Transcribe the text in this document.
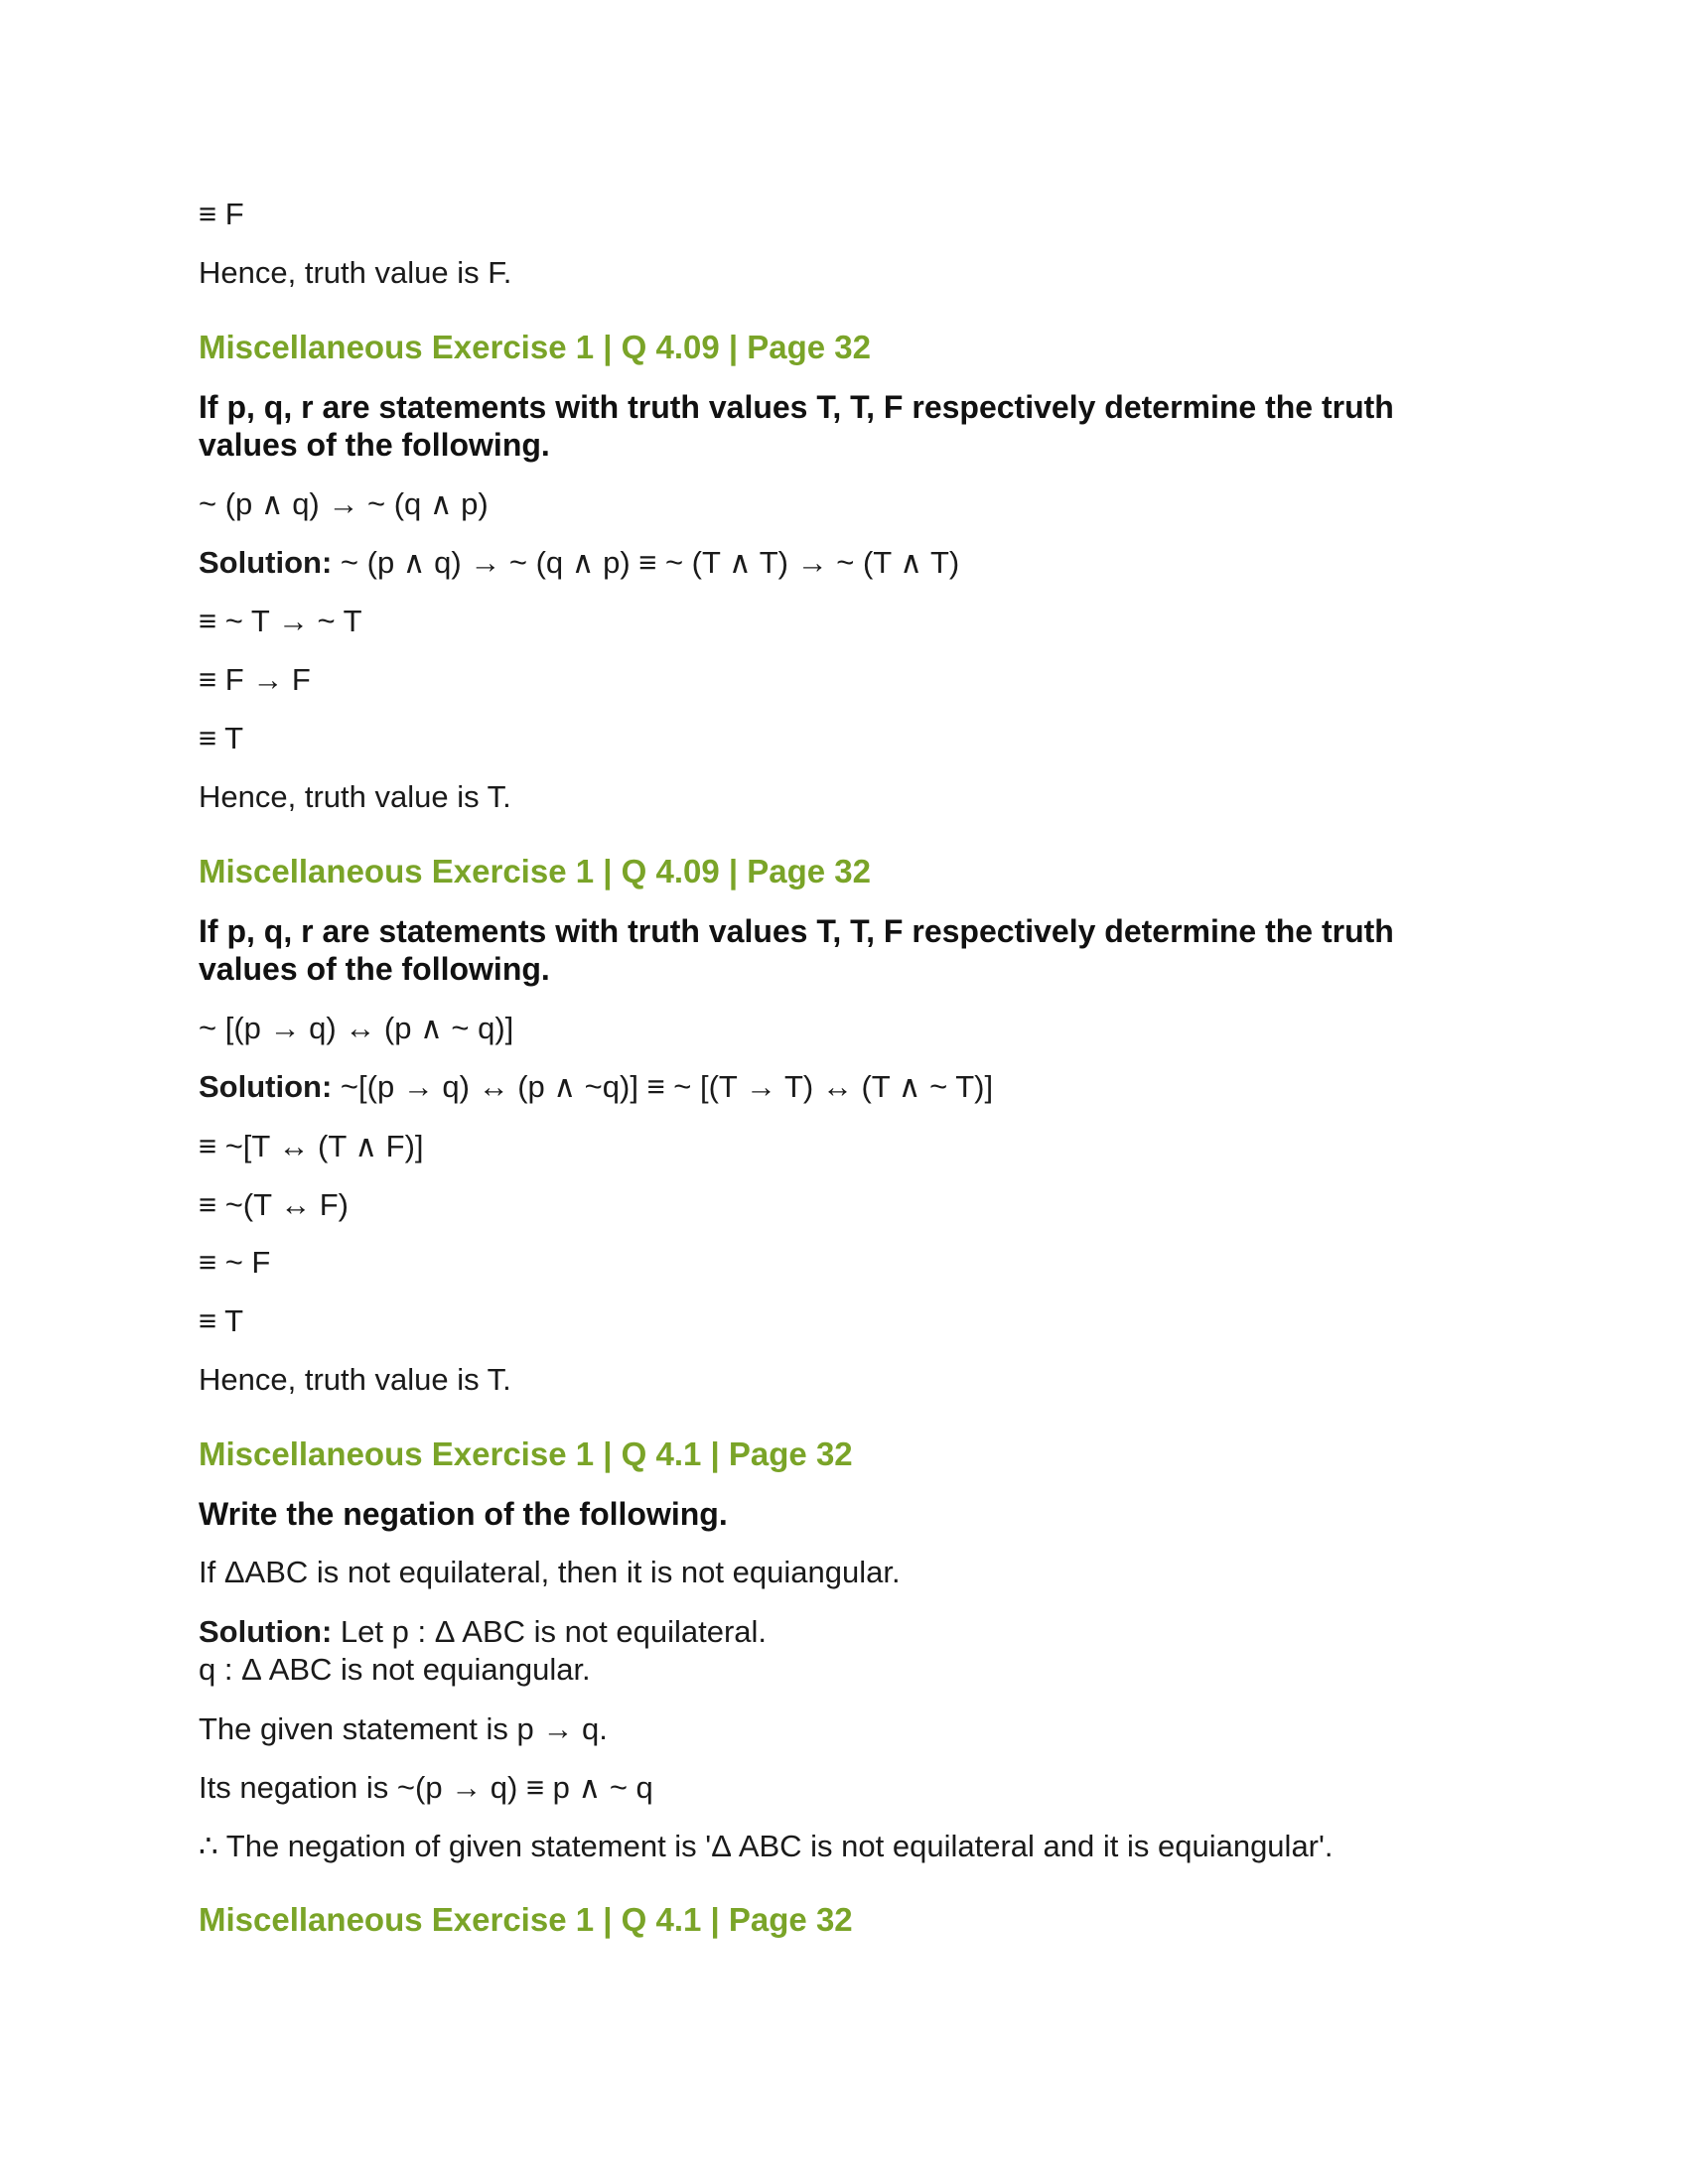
≡ F
Hence, truth value is F.
Miscellaneous Exercise 1 | Q 4.09 | Page 32
If p, q, r are statements with truth values T, T, F respectively determine the truth values of the following.
~ (p ∧ q) → ~ (q ∧ p)
Solution: ~ (p ∧ q) → ~ (q ∧ p) ≡ ~ (T ∧ T) → ~ (T ∧ T)
≡ ~ T → ~ T
≡ F → F
≡ T
Hence, truth value is T.
Miscellaneous Exercise 1 | Q 4.09 | Page 32
If p, q, r are statements with truth values T, T, F respectively determine the truth values of the following.
~ [(p → q) ↔ (p ∧ ~ q)]
Solution: ~[(p → q) ↔ (p ∧ ~q)] ≡ ~ [(T → T) ↔ (T ∧ ~ T)]
≡ ~[T ↔ (T ∧ F)]
≡ ~(T ↔ F)
≡ ~ F
≡ T
Hence, truth value is T.
Miscellaneous Exercise 1 | Q 4.1 | Page 32
Write the negation of the following.
If ΔABC is not equilateral, then it is not equiangular.
Solution: Let p : Δ ABC is not equilateral.
q : Δ ABC is not equiangular.
The given statement is p → q.
Its negation is ~(p → q) ≡ p ∧ ~ q
∴ The negation of given statement is 'Δ ABC is not equilateral and it is equiangular'.
Miscellaneous Exercise 1 | Q 4.1 | Page 32
